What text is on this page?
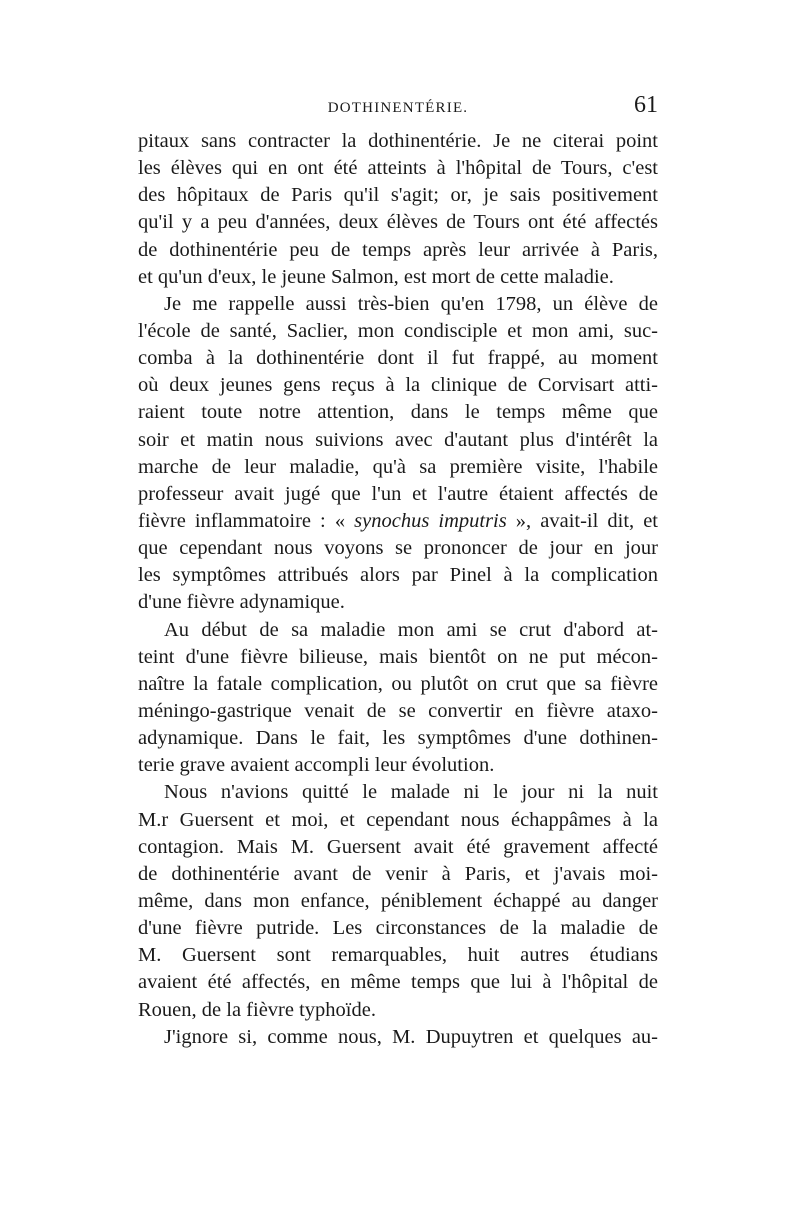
DOTHINENTÉRIE.	61
pitaux sans contracter la dothinentérie. Je ne citerai point
les élèves qui en ont été atteints à l'hôpital de Tours, c'est
des hôpitaux de Paris qu'il s'agit; or, je sais positivement
qu'il y a peu d'années, deux élèves de Tours ont été affectés
de dothinentérie peu de temps après leur arrivée à Paris,
et qu'un d'eux, le jeune Salmon, est mort de cette maladie.
Je me rappelle aussi très-bien qu'en 1798, un élève de
l'école de santé, Saclier, mon condisciple et mon ami, suc-
comba à la dothinentérie dont il fut frappé, au moment
où deux jeunes gens reçus à la clinique de Corvisart atti-
raient toute notre attention, dans le temps même que
soir et matin nous suivions avec d'autant plus d'intérêt la
marche de leur maladie, qu'à sa première visite, l'habile
professeur avait jugé que l'un et l'autre étaient affectés de
fièvre inflammatoire : « synochus imputris », avait-il dit, et
que cependant nous voyons se prononcer de jour en jour
les symptômes attribués alors par Pinel à la complication
d'une fièvre adynamique.
Au début de sa maladie mon ami se crut d'abord at-
teint d'une fièvre bilieuse, mais bientôt on ne put mécon-
naître la fatale complication, ou plutôt on crut que sa fièvre
méningo-gastrique venait de se convertir en fièvre ataxo-
adynamique. Dans le fait, les symptômes d'une dothinen-
terie grave avaient accompli leur évolution.
Nous n'avions quitté le malade ni le jour ni la nuit
M.r Guersent et moi, et cependant nous échappâmes à la
contagion. Mais M. Guersent avait été gravement affecté
de dothinentérie avant de venir à Paris, et j'avais moi-
même, dans mon enfance, péniblement échappé au danger
d'une fièvre putride. Les circonstances de la maladie de
M. Guersent sont remarquables, huit autres étudians
avaient été affectés, en même temps que lui à l'hôpital de
Rouen, de la fièvre typhoïde.
J'ignore si, comme nous, M. Dupuytren et quelques au-
